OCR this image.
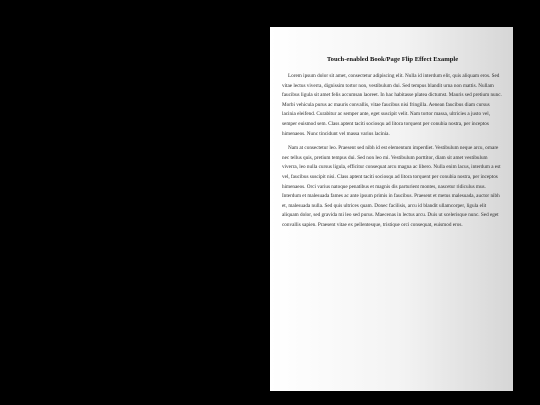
Touch-enabled Book/Page Flip Effect Example

Lorem ipsum dolor sit amet, consectetur adipiscing elit. Nulla id interdum elit, quis aliquam eros. Sed vitae lectus viverra, dignissim tortor non, vestibulum dui. Sed tempus blandit urna non mattis. Nullam faucibus ligula sit amet felis accumsan laoreet. In hac habitasse platea dictumst. Mauris sed pretium nunc. Morbi vehicula purus ac mauris convallis, vitae faucibus nisi fringilla. Aenean faucibus diam cursus lacinia eleifend. Curabitur ac semper ante, eget suscipit velit. Nam tortor massa, ultricies a justo vel, semper euismod sem. Class aptent taciti sociosqu ad litora torquent per conubia nostra, per inceptos himenaeos. Nunc tincidunt vel massa varius lacinia.

Nam at consectetur leo. Praesent sed nibh id est elementum imperdiet. Vestibulum neque arcu, ornare nec tellus quis, pretium tempus dui. Sed non leo mi. Vestibulum porttitor, diam sit amet vestibulum viverra, leo nulla cursus ligula, efficitur consequat arcu magna ac libero. Nulla enim lacus, interdum a est vel, faucibus suscipit nisi. Class aptent taciti sociosqu ad litora torquent per conubia nostra, per inceptos himenaeos. Orci varius natoque penatibus et magnis dis parturient montes, nascetur ridiculus mus. Interdum et malesuada fames ac ante ipsum primis in faucibus. Praesent et metus malesuada, auctor nibh et, malesuada nulla. Sed quis ultrices quam. Donec facilisis, arcu id blandit ullamcorper, ligula elit aliquam dolor, sed gravida mi leo sed purus. Maecenas in lectus arcu. Duis ut scelerisque nunc. Sed eget convallis sapien. Praesent vitae ex pellentesque, tristique orci consequat, euismod eros.
